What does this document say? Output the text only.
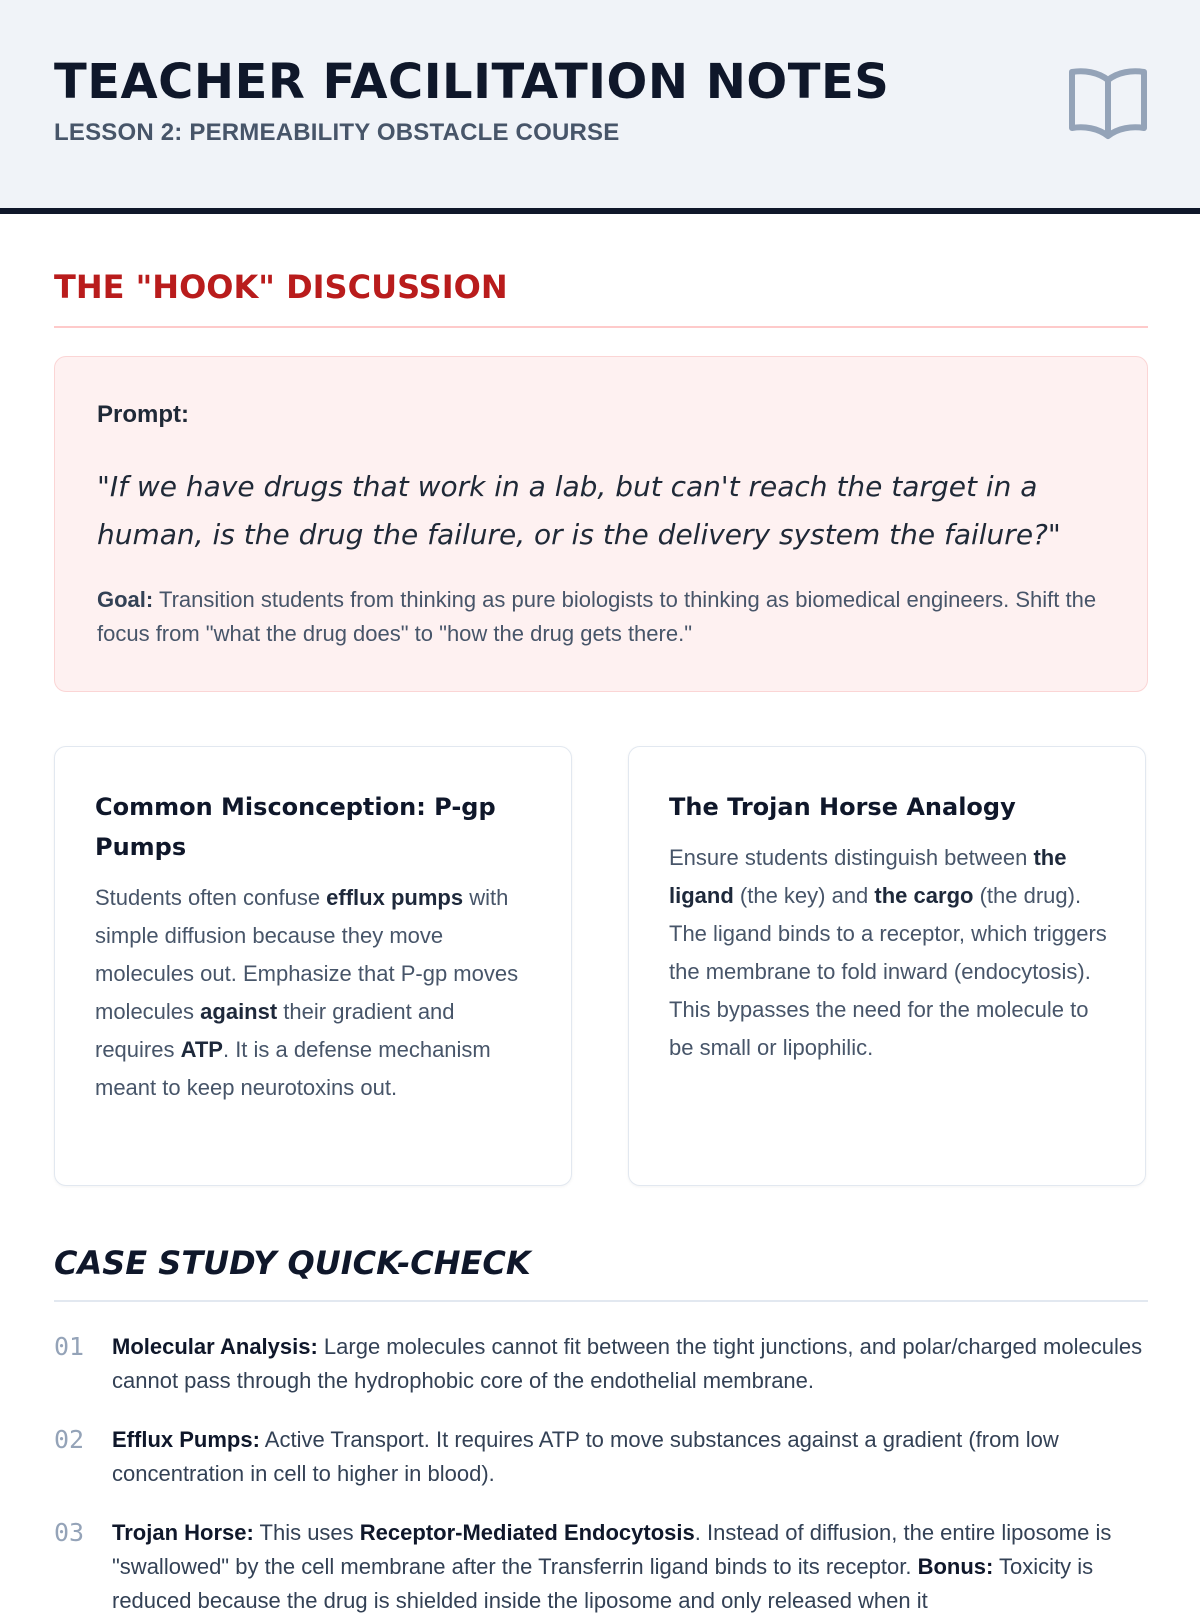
TEACHER FACILITATION NOTES
LESSON 2: PERMEABILITY OBSTACLE COURSE
THE "HOOK" DISCUSSION
Prompt:
"If we have drugs that work in a lab, but can't reach the target in a human, is the drug the failure, or is the delivery system the failure?"
Goal: Transition students from thinking as pure biologists to thinking as biomedical engineers. Shift the focus from "what the drug does" to "how the drug gets there."
Common Misconception: P-gp Pumps
Students often confuse efflux pumps with simple diffusion because they move molecules out. Emphasize that P-gp moves molecules against their gradient and requires ATP. It is a defense mechanism meant to keep neurotoxins out.
The Trojan Horse Analogy
Ensure students distinguish between the ligand (the key) and the cargo (the drug). The ligand binds to a receptor, which triggers the membrane to fold inward (endocytosis). This bypasses the need for the molecule to be small or lipophilic.
CASE STUDY QUICK-CHECK
01 Molecular Analysis: Large molecules cannot fit between the tight junctions, and polar/charged molecules cannot pass through the hydrophobic core of the endothelial membrane.
02 Efflux Pumps: Active Transport. It requires ATP to move substances against a gradient (from low concentration in cell to higher in blood).
03 Trojan Horse: This uses Receptor-Mediated Endocytosis. Instead of diffusion, the entire liposome is "swallowed" by the cell membrane after the Transferrin ligand binds to its receptor. Bonus: Toxicity is reduced because the drug is shielded inside the liposome and only released when it
